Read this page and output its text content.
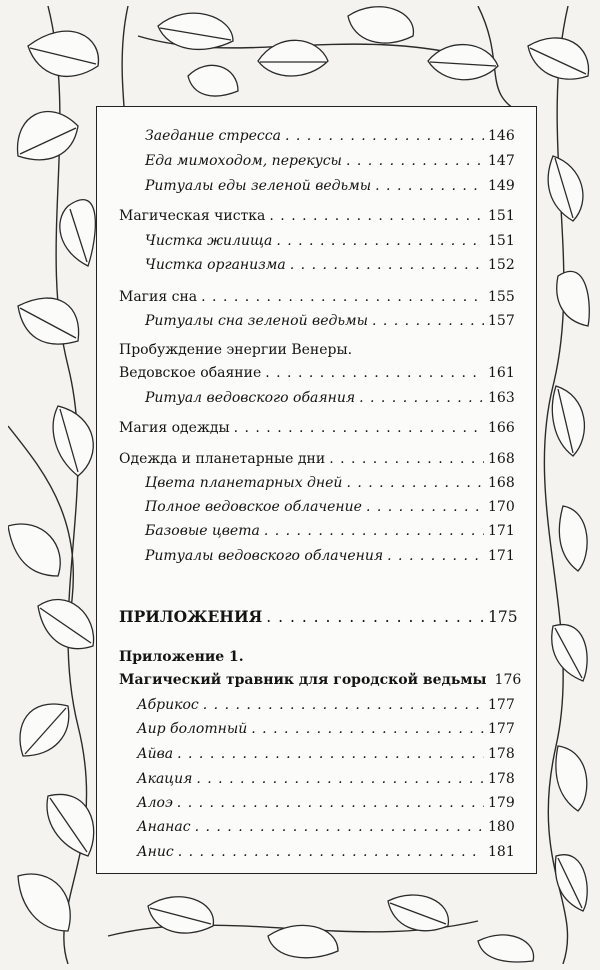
Заедание стресса . . .	146
Еда мимоходом, перекусы . . .	147
Ритуалы еды зеленой ведьмы . . .	149
Магическая чистка . . .	151
Чистка жилища . . .	151
Чистка организма . . .	152
Магия сна . . .	155
Ритуалы сна зеленой ведьмы . . .	157
Пробуждение энергии Венеры.
Ведовское обаяние . . .	161
Ритуал ведовского обаяния . . .	163
Магия одежды . . .	166
Одежда и планетарные дни . . .	168
Цвета планетарных дней . . .	168
Полное ведовское облачение . . .	170
Базовые цвета . . .	171
Ритуалы ведовского облачения . . .	171
ПРИЛОЖЕНИЯ . . .	175
Приложение 1.
Магический травник для городской ведьмы 176
Абрикос . . .	177
Аир болотный . . .	177
Айва . . .	178
Акация . . .	178
Алоэ . . .	179
Ананас . . .	180
Анис . . .	181
